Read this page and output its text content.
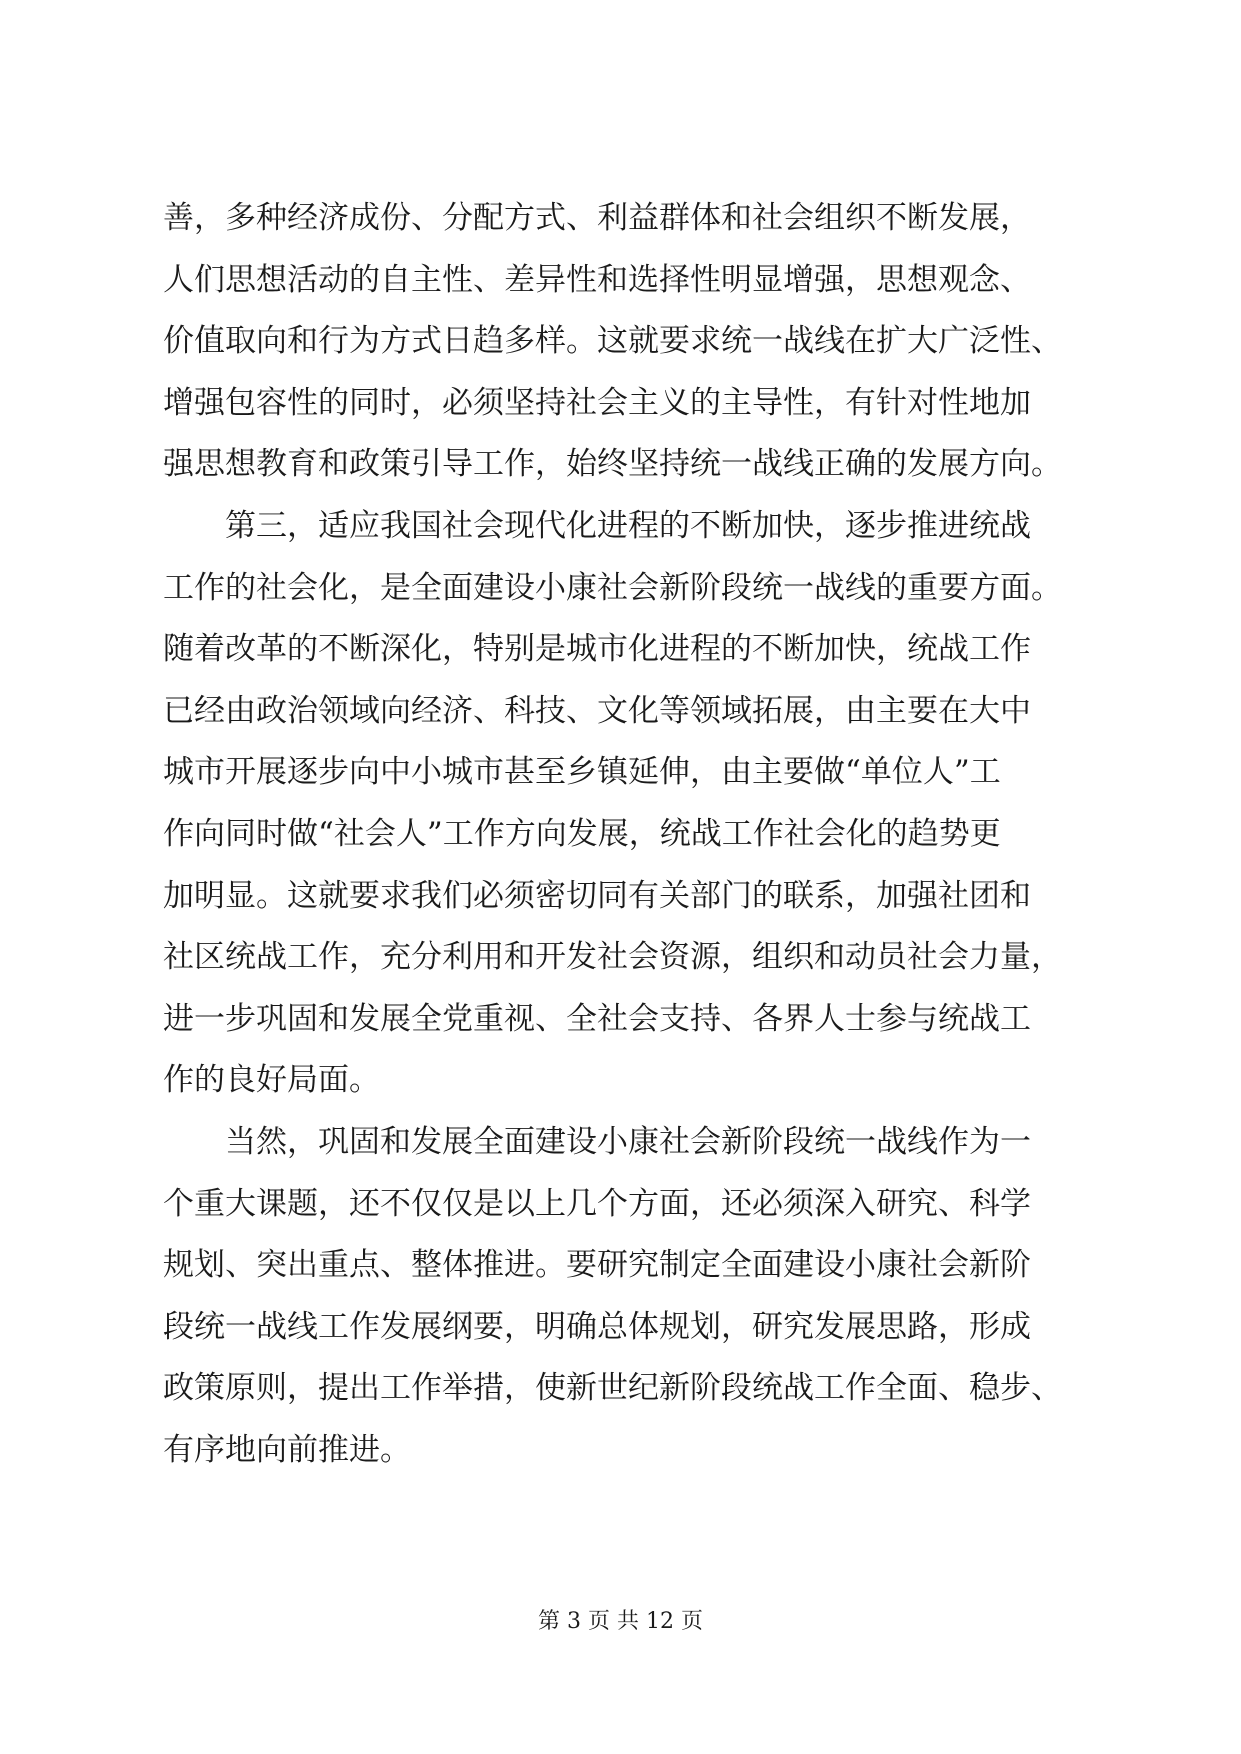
善，多种经济成份、分配方式、利益群体和社会组织不断发展，
人们思想活动的自主性、差异性和选择性明显增强，思想观念、
价值取向和行为方式日趋多样。这就要求统一战线在扩大广泛性、
增强包容性的同时，必须坚持社会主义的主导性，有针对性地加
强思想教育和政策引导工作，始终坚持统一战线正确的发展方向。
第三，适应我国社会现代化进程的不断加快，逐步推进统战
工作的社会化，是全面建设小康社会新阶段统一战线的重要方面。
随着改革的不断深化，特别是城市化进程的不断加快，统战工作
已经由政治领域向经济、科技、文化等领域拓展，由主要在大中
城市开展逐步向中小城市甚至乡镇延伸，由主要做“单位人”工
作向同时做“社会人”工作方向发展，统战工作社会化的趋势更
加明显。这就要求我们必须密切同有关部门的联系，加强社团和
社区统战工作，充分利用和开发社会资源，组织和动员社会力量，
进一步巩固和发展全党重视、全社会支持、各界人士参与统战工
作的良好局面。
当然，巩固和发展全面建设小康社会新阶段统一战线作为一
个重大课题，还不仅仅是以上几个方面，还必须深入研究、科学
规划、突出重点、整体推进。要研究制定全面建设小康社会新阶
段统一战线工作发展纲要，明确总体规划，研究发展思路，形成
政策原则，提出工作举措，使新世纪新阶段统战工作全面、稳步、
有序地向前推进。
第 3 页 共 12 页
